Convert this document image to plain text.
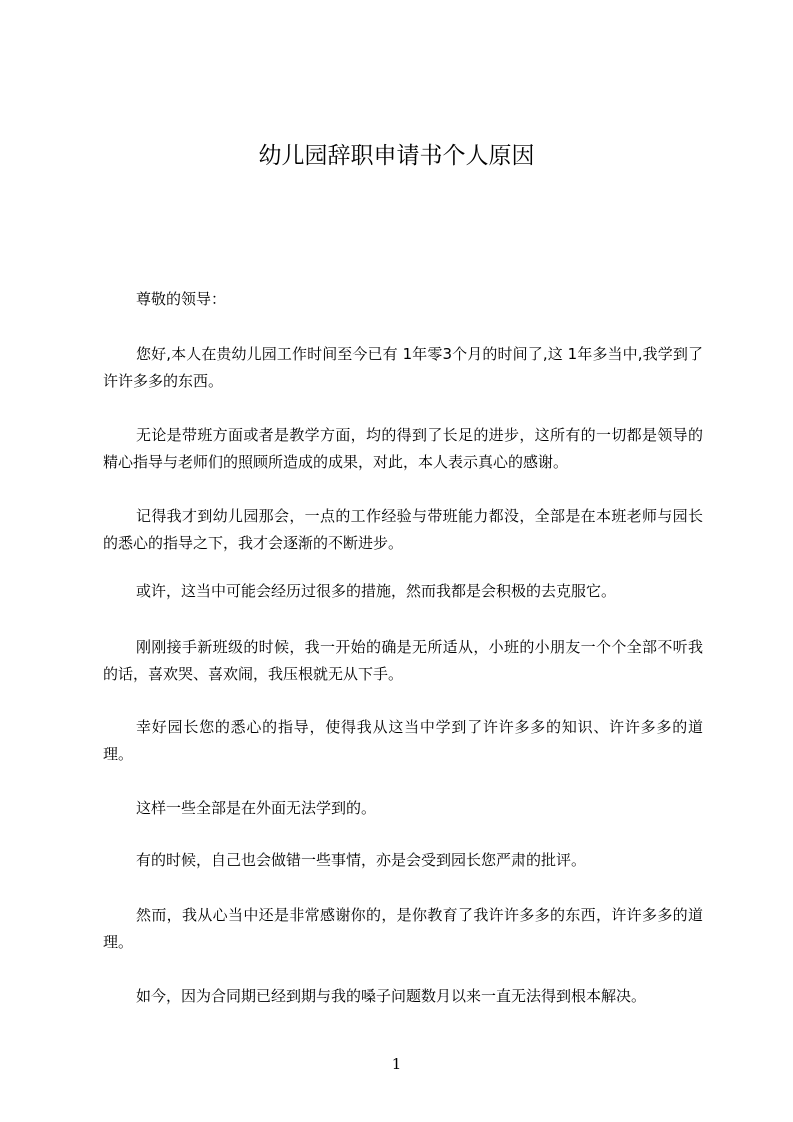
幼儿园辞职申请书个人原因

尊敬的领导：

您好,本人在贵幼儿园工作时间至今已有 1年零3个月的时间了,这 1年多当中,我学到了许许多多的东西。

无论是带班方面或者是教学方面，均的得到了长足的进步，这所有的一切都是领导的精心指导与老师们的照顾所造成的成果，对此，本人表示真心的感谢。

记得我才到幼儿园那会，一点的工作经验与带班能力都没，全部是在本班老师与园长的悉心的指导之下，我才会逐渐的不断进步。

或许，这当中可能会经历过很多的措施，然而我都是会积极的去克服它。

刚刚接手新班级的时候，我一开始的确是无所适从，小班的小朋友一个个全部不听我的话，喜欢哭、喜欢闹，我压根就无从下手。

幸好园长您的悉心的指导，使得我从这当中学到了许许多多的知识、许许多多的道理。

这样一些全部是在外面无法学到的。

有的时候，自己也会做错一些事情，亦是会受到园长您严肃的批评。

然而，我从心当中还是非常感谢你的，是你教育了我许许多多的东西，许许多多的道理。

如今，因为合同期已经到期与我的嗓子问题数月以来一直无法得到根本解决。

1
